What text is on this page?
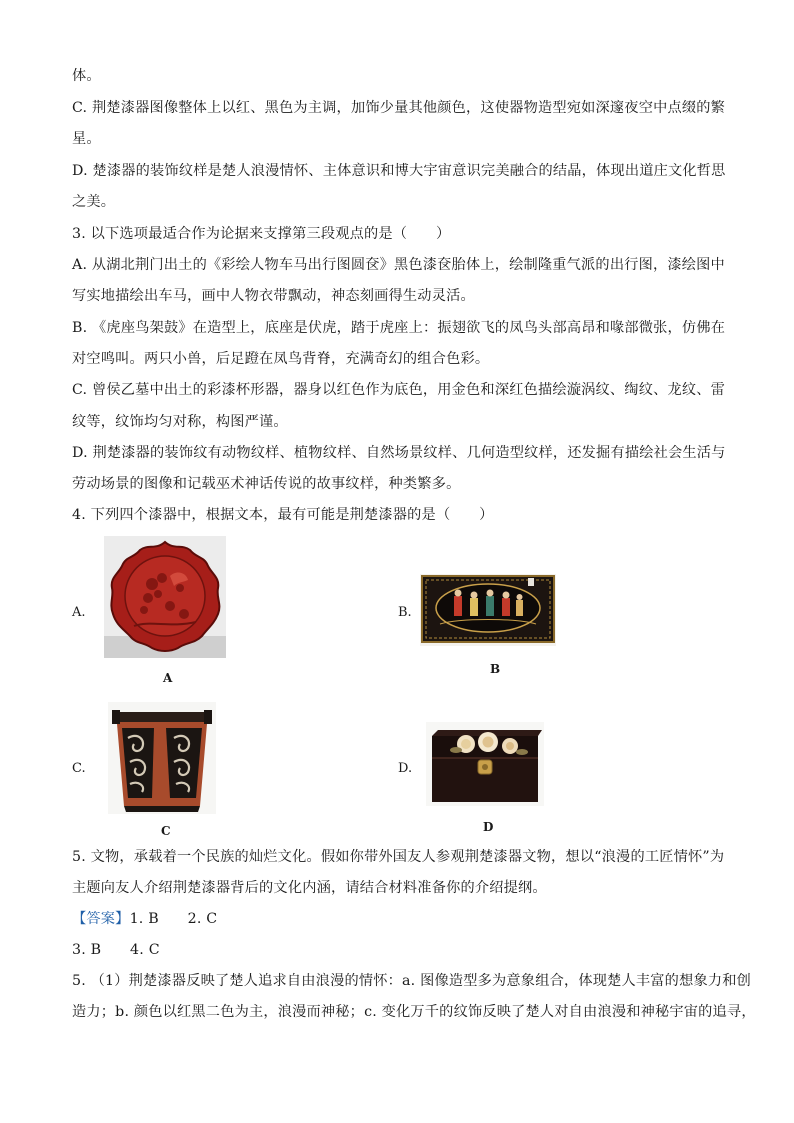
体。
C. 荆楚漆器图像整体上以红、黑色为主调，加饰少量其他颜色，这使器物造型宛如深邃夜空中点缀的繁
星。
D. 楚漆器的装饰纹样是楚人浪漫情怀、主体意识和博大宇宙意识完美融合的结晶，体现出道庄文化哲思
之美。
3. 以下选项最适合作为论据来支撑第三段观点的是（　　）
A. 从湖北荆门出土的《彩绘人物车马出行图圆奁》黑色漆奁胎体上，绘制隆重气派的出行图，漆绘图中
写实地描绘出车马，画中人物衣带飘动，神态刻画得生动灵活。
B. 《虎座鸟架鼓》在造型上，底座是伏虎，踏于虎座上：振翅欲飞的凤鸟头部高昂和喙部微张，仿佛在
对空鸣叫。两只小兽，后足蹬在凤鸟背脊，充满奇幻的组合色彩。
C. 曾侯乙墓中出土的彩漆杯形器，器身以红色作为底色，用金色和深红色描绘漩涡纹、绹纹、龙纹、雷
纹等，纹饰均匀对称，构图严谨。
D. 荆楚漆器的装饰纹有动物纹样、植物纹样、自然场景纹样、几何造型纹样，还发掘有描绘社会生活与
劳动场景的图像和记载巫术神话传说的故事纹样，种类繁多。
4. 下列四个漆器中，根据文本，最有可能是荆楚漆器的是（　　）
A.
A
B.
B
C.
C
D.
D
5. 文物，承载着一个民族的灿烂文化。假如你带外国友人参观荆楚漆器文物，想以“浪漫的工匠情怀”为
主题向友人介绍荆楚漆器背后的文化内涵，请结合材料准备你的介绍提纲。
【答案】1. B　　2. C
3. B　　4. C
5. （1）荆楚漆器反映了楚人追求自由浪漫的情怀：a. 图像造型多为意象组合，体现楚人丰富的想象力和创
造力；b. 颜色以红黑二色为主，浪漫而神秘；c. 变化万千的纹饰反映了楚人对自由浪漫和神秘宇宙的追寻，
